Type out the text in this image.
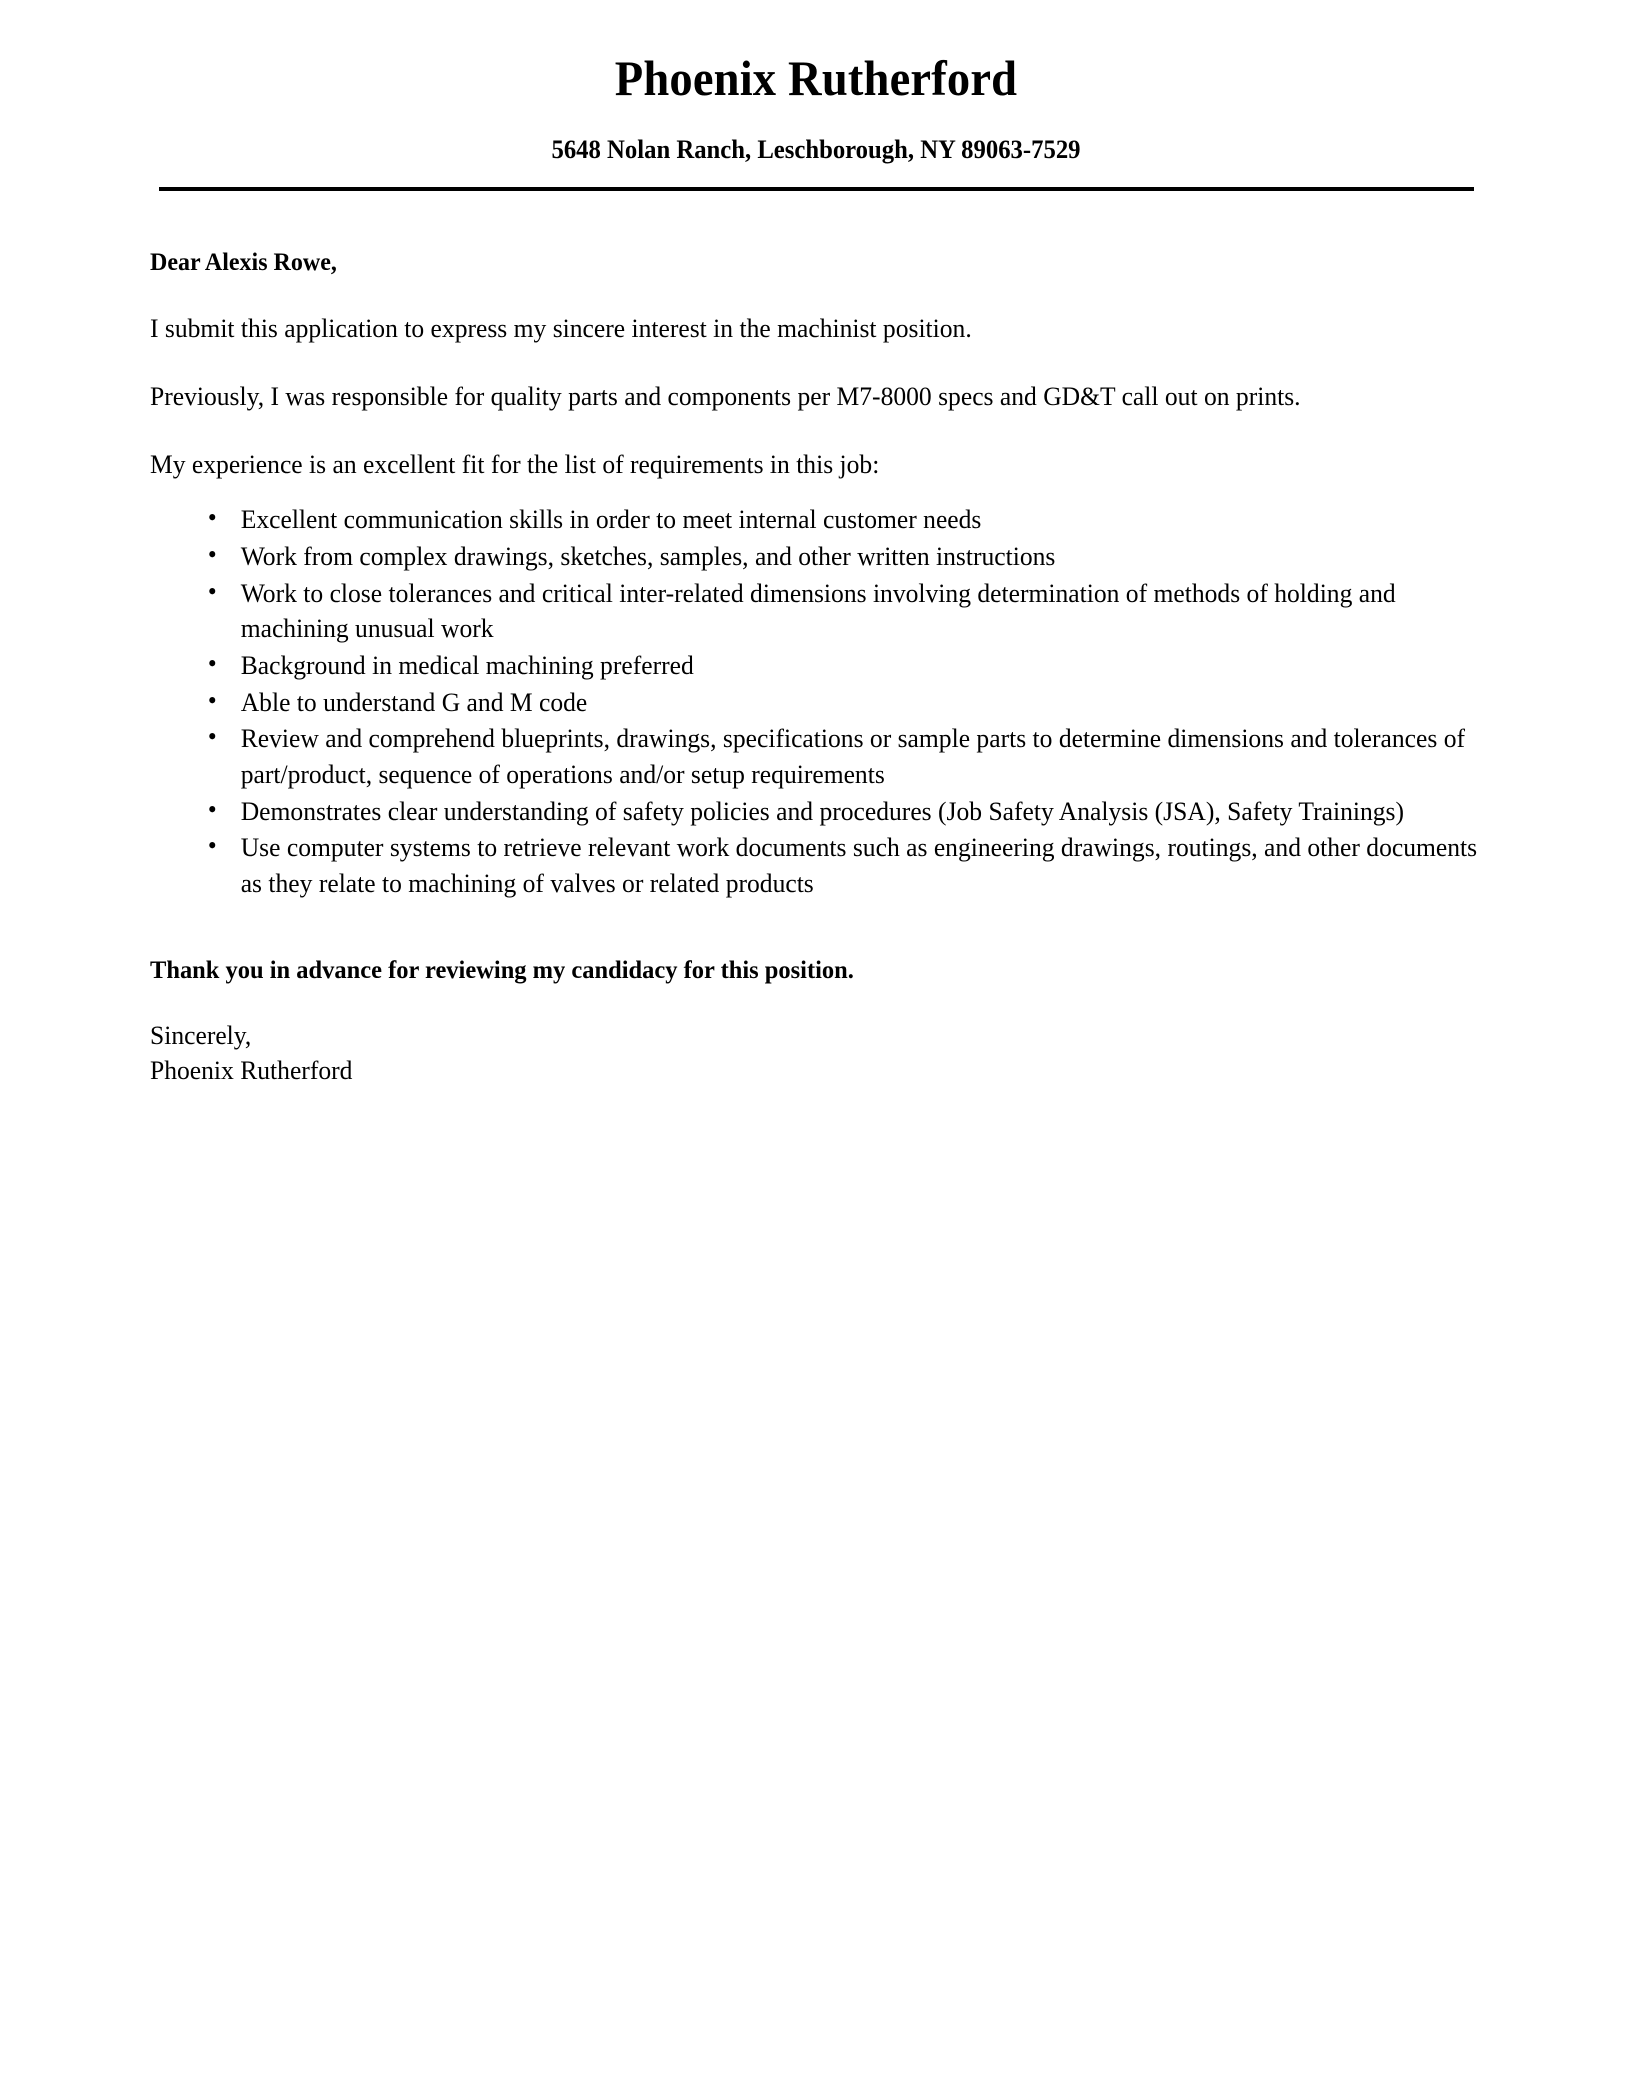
Phoenix Rutherford
5648 Nolan Ranch, Leschborough, NY 89063-7529
Dear Alexis Rowe,

I submit this application to express my sincere interest in the machinist position.

Previously, I was responsible for quality parts and components per M7-8000 specs and GD&T call out on prints.

My experience is an excellent fit for the list of requirements in this job:

• Excellent communication skills in order to meet internal customer needs
• Work from complex drawings, sketches, samples, and other written instructions
• Work to close tolerances and critical inter-related dimensions involving determination of methods of holding and machining unusual work
• Background in medical machining preferred
• Able to understand G and M code
• Review and comprehend blueprints, drawings, specifications or sample parts to determine dimensions and tolerances of part/product, sequence of operations and/or setup requirements
• Demonstrates clear understanding of safety policies and procedures (Job Safety Analysis (JSA), Safety Trainings)
• Use computer systems to retrieve relevant work documents such as engineering drawings, routings, and other documents as they relate to machining of valves or related products
Thank you in advance for reviewing my candidacy for this position.
Sincerely,
Phoenix Rutherford
